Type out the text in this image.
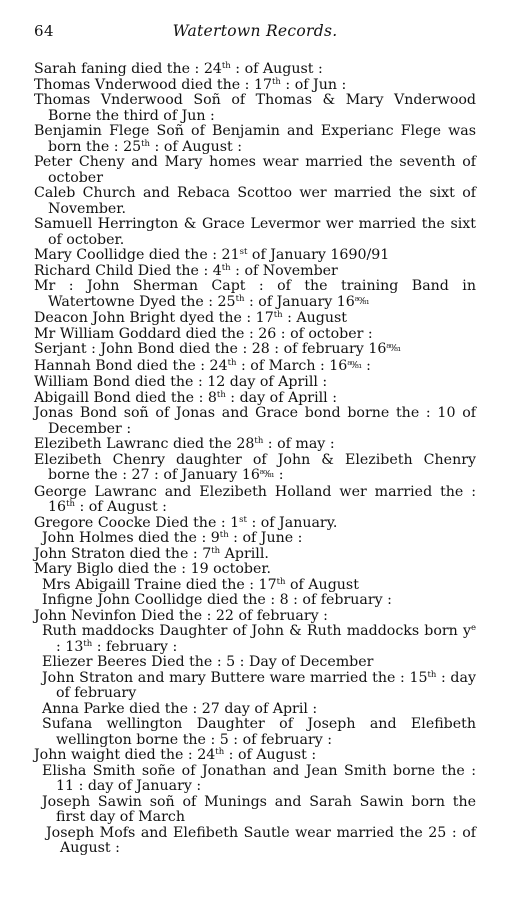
64	Watertown Records.

Sarah faning died the : 24th : of August :

Thomas Vnderwood died the : 17th : of Jun :

Thomas Vnderwood Soñ of Thomas & Mary Vnderwood Borne the third of Jun :

Benjamin Flege Soñ of Benjamin and Experianc Flege was born the : 25th : of August :

Peter Cheny and Mary homes wear married the seventh of october

Caleb Church and Rebaca Scottoo wer married the sixt of November.

Samuell Herrington & Grace Levermor wer married the sixt of october.

Mary Coollidge died the : 21st of January 1690/91

Richard Child Died the : 4th : of November

Mr : John Sherman Capt : of the training Band in Watertowne Dyed the : 25th : of January 16⁸⁰⁄₈₁

Deacon John Bright dyed the : 17th : August

Mr William Goddard died the : 26 : of october :

Serjant : John Bond died the : 28 : of february 16⁸⁰⁄₈₁

Hannah Bond died the : 24th : of March : 16⁸⁰⁄₈₁ :

William Bond died the : 12 day of Aprill :

Abigaill Bond died the : 8th : day of Aprill :

Jonas Bond soñ of Jonas and Grace bond borne the : 10 of December :

Elezibeth Lawranc died the 28th : of may :

Elezibeth Chenry daughter of John & Elezibeth Chenry borne the : 27 : of January 16⁸⁰⁄₈₁ :

George Lawranc and Elezibeth Holland wer married the : 16th : of August :

Gregore Coocke Died the : 1st : of January.

John Holmes died the : 9th : of June :

John Straton died the : 7th Aprill.

Mary Biglo died the : 19 october.

Mrs Abigaill Traine died the : 17th of August

Infigne John Coollidge died the : 8 : of february :

John Nevinfon Died the : 22 of february :

Ruth maddocks Daughter of John & Ruth maddocks born $y^e$ : 13th : february :

Eliezer Beeres Died the : 5 : Day of December

John Straton and mary Buttere ware married the : 15th : day of february

Anna Parke died the : 27 day of April :

Sufana wellington Daughter of Joseph and Elefibeth wellington borne the : 5 : of february :

John waight died the : 24th : of August :

Elisha Smith soñe of Jonathan and Jean Smith borne the : 11 : day of January :

Joseph Sawin soñ of Munings and Sarah Sawin born the first day of March

Joseph Mofs and Elefibeth Sautle wear married the 25 : of August :
